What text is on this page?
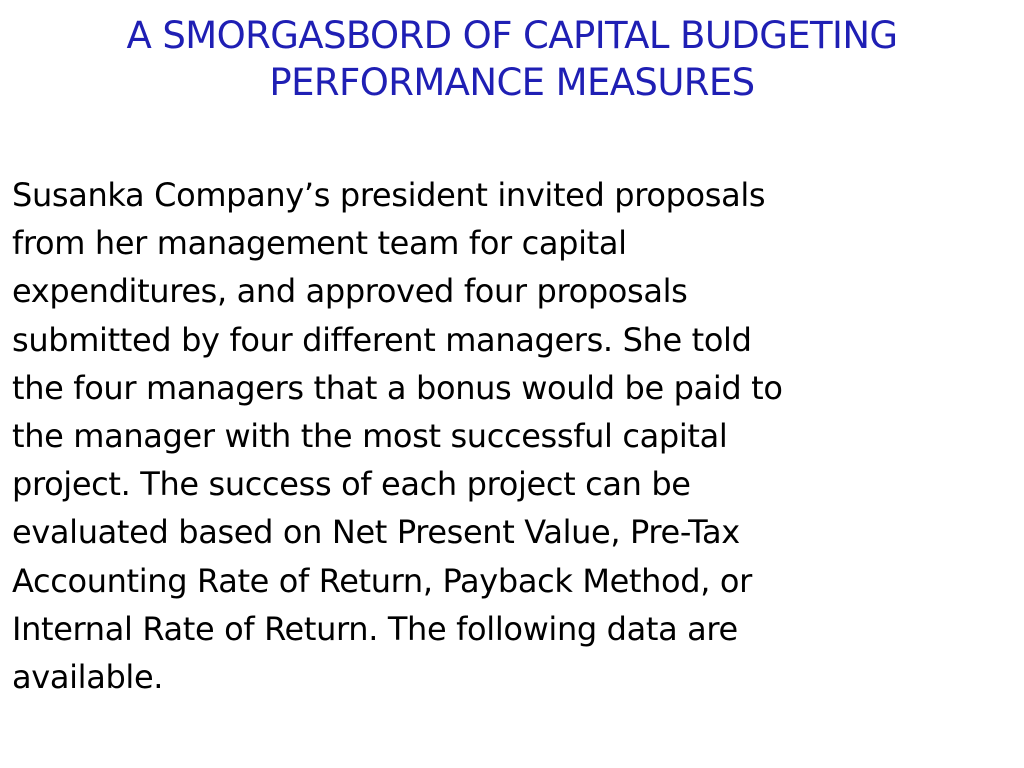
A SMORGASBORD OF CAPITAL BUDGETING
PERFORMANCE MEASURES
Susanka Company’s president invited proposals
from her management team for capital
expenditures, and approved four proposals
submitted by four different managers. She told
the four managers that a bonus would be paid to
the manager with the most successful capital
project. The success of each project can be
evaluated based on Net Present Value, Pre-Tax
Accounting Rate of Return, Payback Method, or
Internal Rate of Return. The following data are
available.
